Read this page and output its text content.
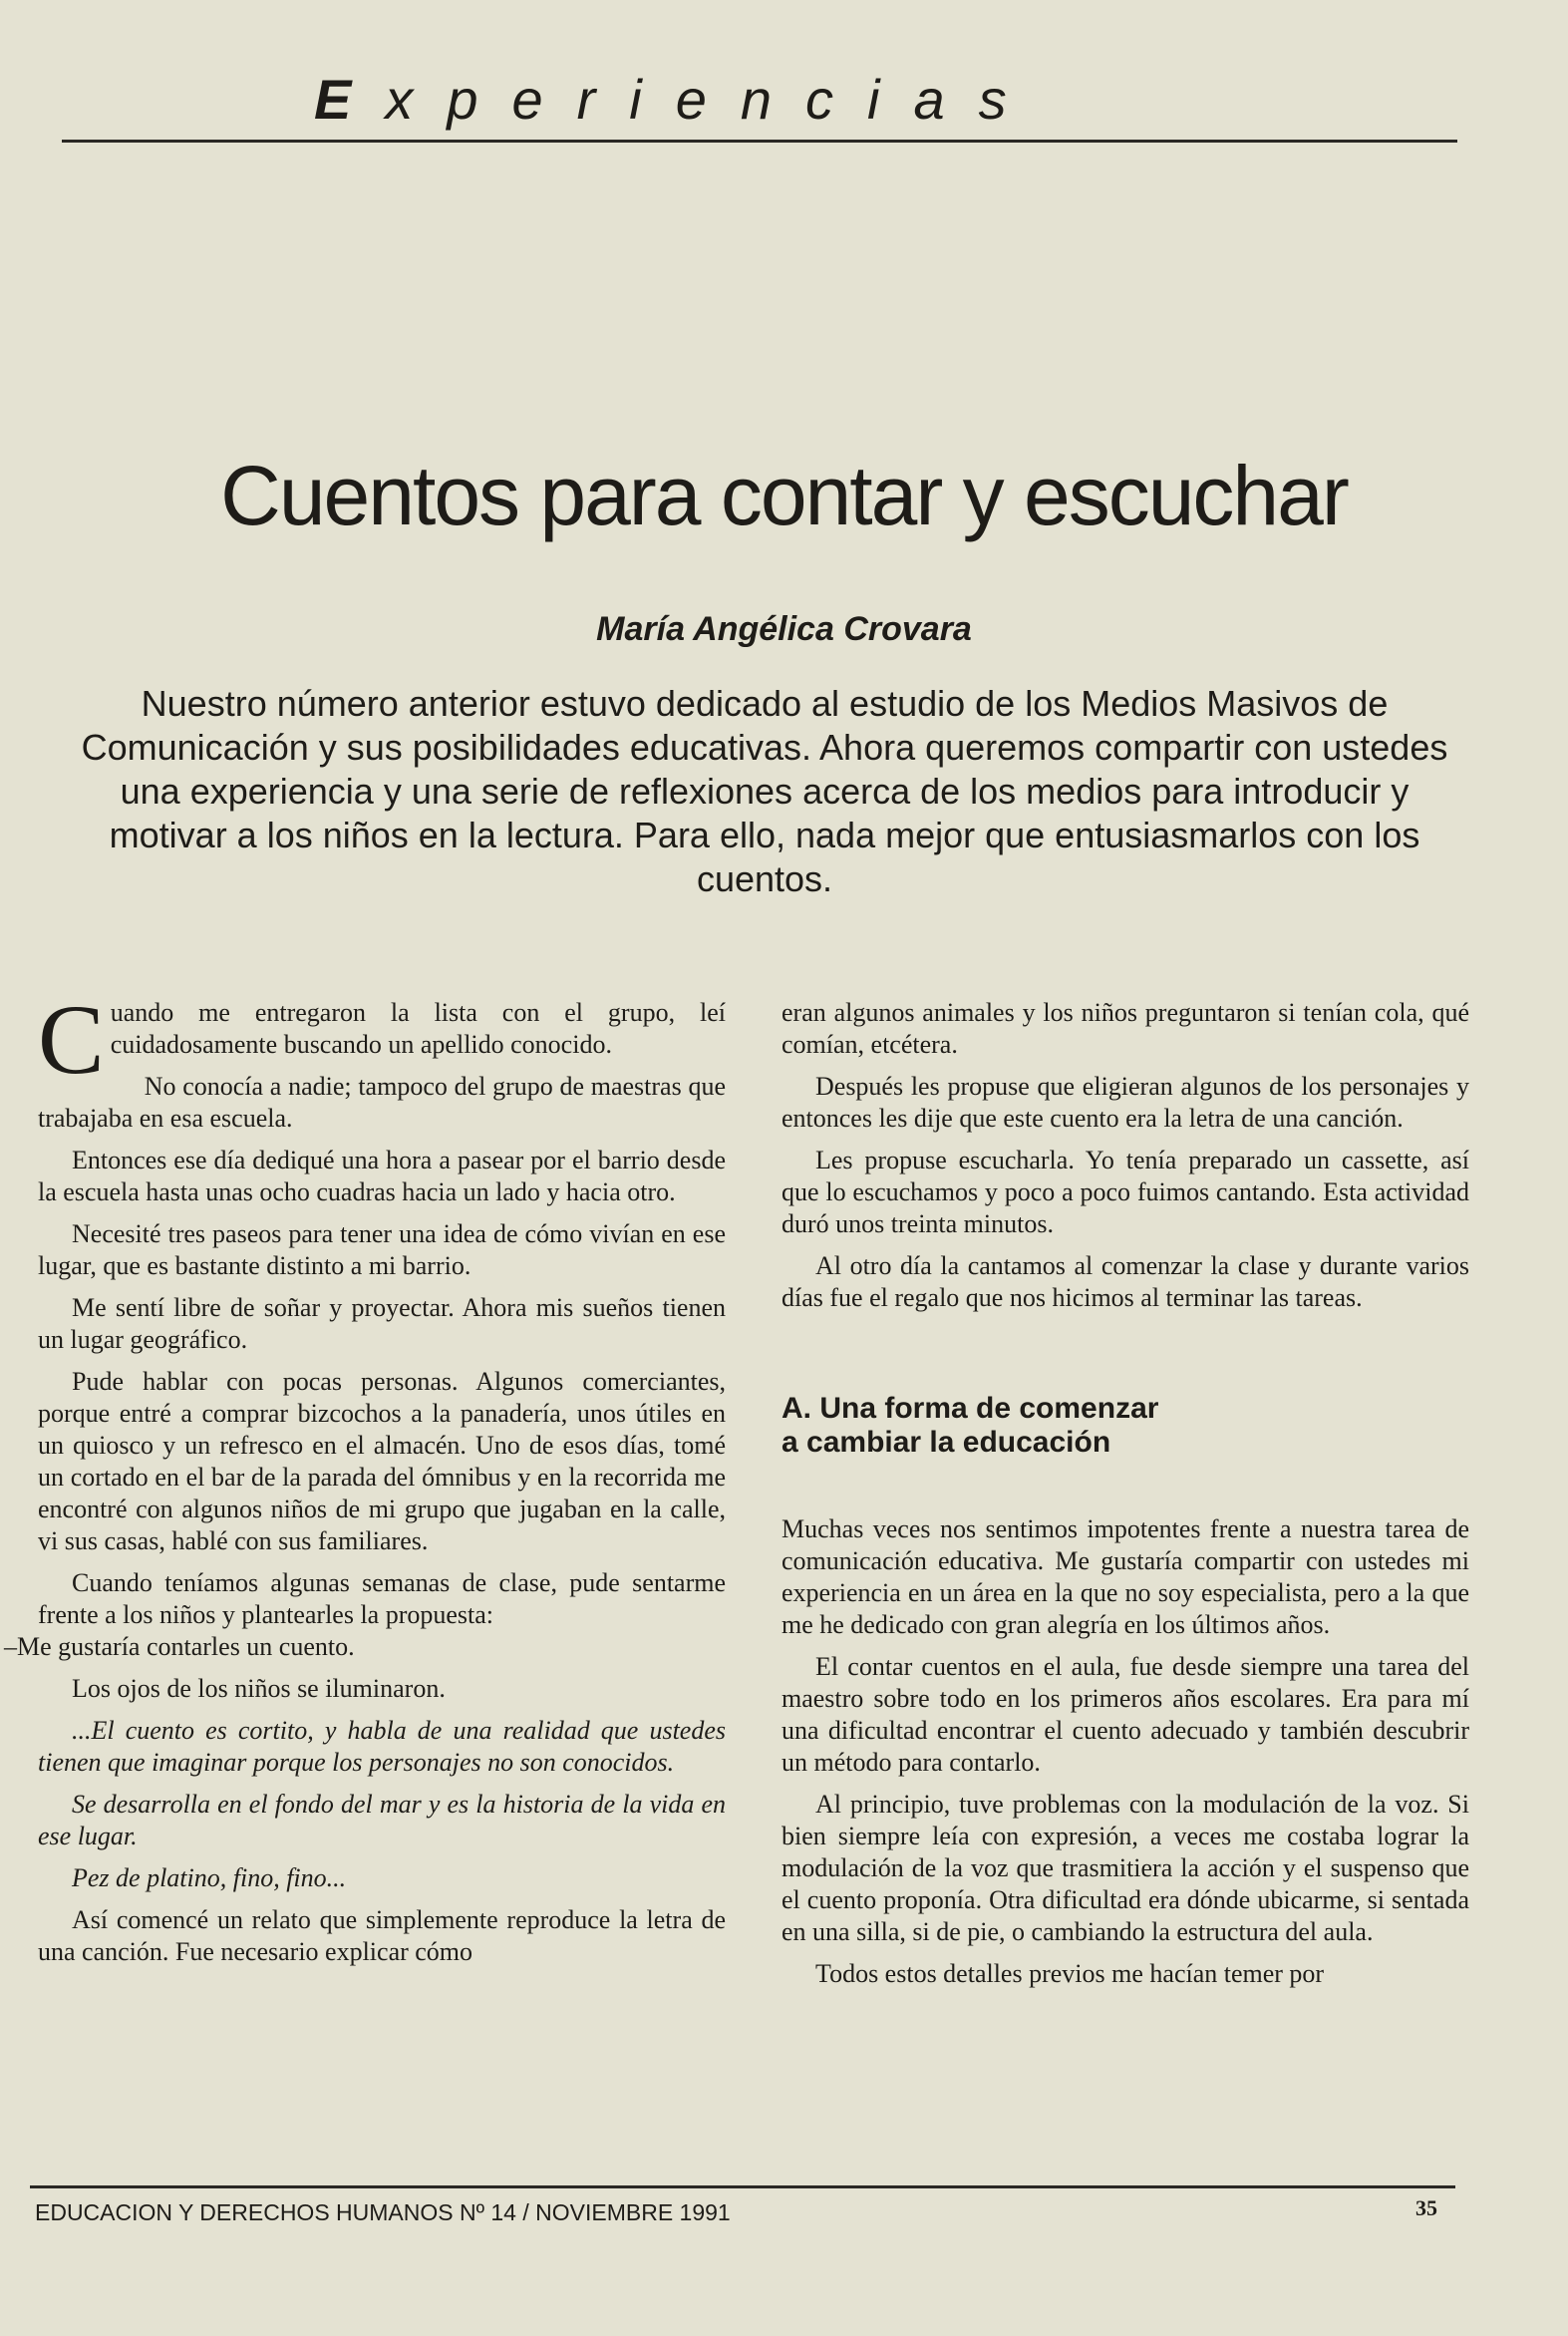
Experiencias
Cuentos para contar y escuchar
María Angélica Crovara
Nuestro número anterior estuvo dedicado al estudio de los Medios Masivos de Comunicación y sus posibilidades educativas. Ahora queremos compartir con ustedes una experiencia y una serie de reflexiones acerca de los medios para introducir y motivar a los niños en la lectura. Para ello, nada mejor que entusiasmarlos con los cuentos.

Cuando me entregaron la lista con el grupo, leí cuidadosamente buscando un apellido conocido.

No conocía a nadie; tampoco del grupo de maestras que trabajaba en esa escuela.

Entonces ese día dediqué una hora a pasear por el barrio desde la escuela hasta unas ocho cuadras hacia un lado y hacia otro.

Necesité tres paseos para tener una idea de cómo vivían en ese lugar, que es bastante distinto a mi barrio.

Me sentí libre de soñar y proyectar. Ahora mis sueños tienen un lugar geográfico.

Pude hablar con pocas personas. Algunos comerciantes, porque entré a comprar bizcochos a la panadería, unos útiles en un quiosco y un refresco en el almacén. Uno de esos días, tomé un cortado en el bar de la parada del ómnibus y en la recorrida me encontré con algunos niños de mi grupo que jugaban en la calle, vi sus casas, hablé con sus familiares.

Cuando teníamos algunas semanas de clase, pude sentarme frente a los niños y plantearles la propuesta:
–Me gustaría contarles un cuento.

Los ojos de los niños se iluminaron.

...El cuento es cortito, y habla de una realidad que ustedes tienen que imaginar porque los personajes no son conocidos.

Se desarrolla en el fondo del mar y es la historia de la vida en ese lugar.

Pez de platino, fino, fino...

Así comencé un relato que simplemente reproduce la letra de una canción. Fue necesario explicar cómo

eran algunos animales y los niños preguntaron si tenían cola, qué comían, etcétera.

Después les propuse que eligieran algunos de los personajes y entonces les dije que este cuento era la letra de una canción.

Les propuse escucharla. Yo tenía preparado un cassette, así que lo escuchamos y poco a poco fuimos cantando. Esta actividad duró unos treinta minutos.

Al otro día la cantamos al comenzar la clase y durante varios días fue el regalo que nos hicimos al terminar las tareas.

A. Una forma de comenzar
a cambiar la educación

Muchas veces nos sentimos impotentes frente a nuestra tarea de comunicación educativa. Me gustaría compartir con ustedes mi experiencia en un área en la que no soy especialista, pero a la que me he dedicado con gran alegría en los últimos años.

El contar cuentos en el aula, fue desde siempre una tarea del maestro sobre todo en los primeros años escolares. Era para mí una dificultad encontrar el cuento adecuado y también descubrir un método para contarlo.

Al principio, tuve problemas con la modulación de la voz. Si bien siempre leía con expresión, a veces me costaba lograr la modulación de la voz que trasmitiera la acción y el suspenso que el cuento proponía. Otra dificultad era dónde ubicarme, si sentada en una silla, si de pie, o cambiando la estructura del aula.

Todos estos detalles previos me hacían temer por

EDUCACION Y DERECHOS HUMANOS Nº 14 / NOVIEMBRE 1991	35
